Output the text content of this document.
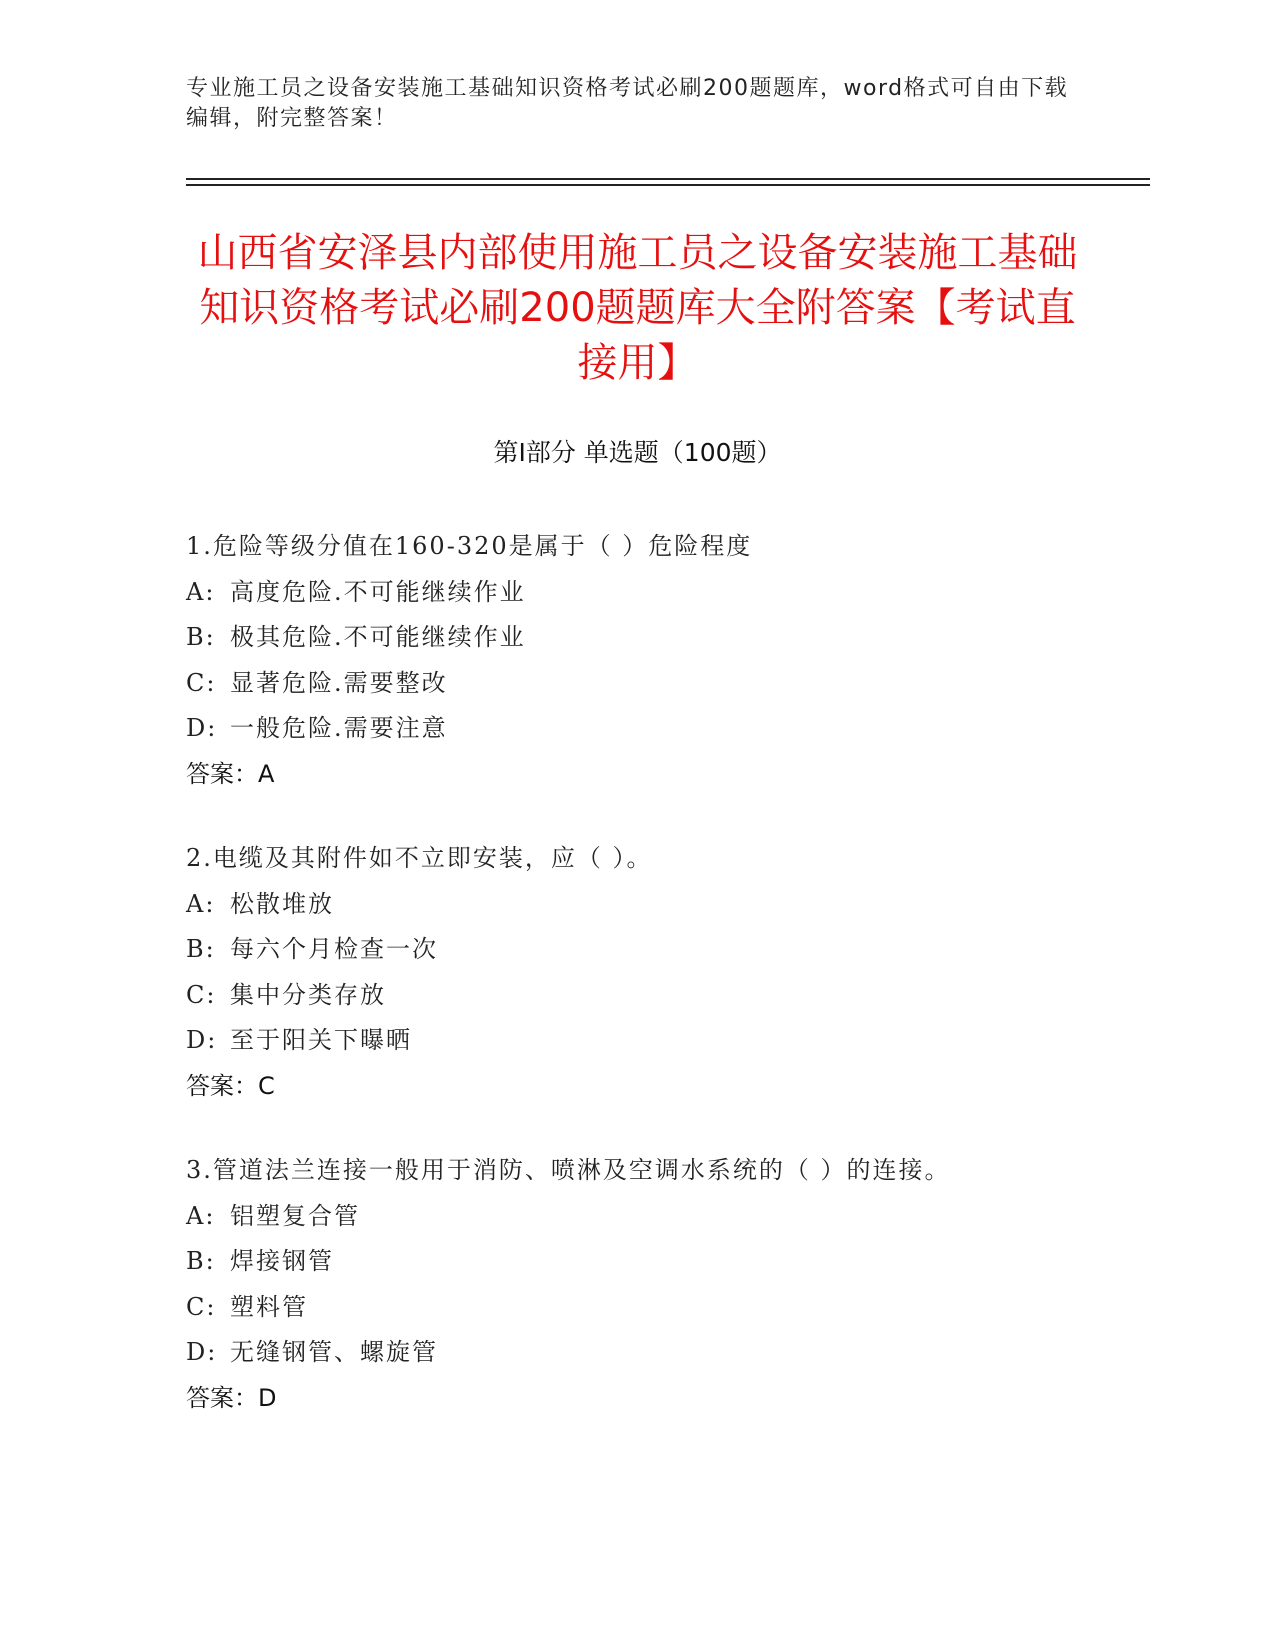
专业施工员之设备安装施工基础知识资格考试必刷200题题库，word格式可自由下载编辑，附完整答案！
山西省安泽县内部使用施工员之设备安装施工基础知识资格考试必刷200题题库大全附答案【考试直接用】
第Ⅰ部分 单选题（100题）
1.危险等级分值在160-320是属于（ ）危险程度
A: 高度危险.不可能继续作业
B: 极其危险.不可能继续作业
C: 显著危险.需要整改
D: 一般危险.需要注意
答案：A
2.电缆及其附件如不立即安装，应（ ）。
A: 松散堆放
B: 每六个月检查一次
C: 集中分类存放
D: 至于阳关下曝晒
答案：C
3.管道法兰连接一般用于消防、喷淋及空调水系统的（ ）的连接。
A: 铝塑复合管
B: 焊接钢管
C: 塑料管
D: 无缝钢管、螺旋管
答案：D
